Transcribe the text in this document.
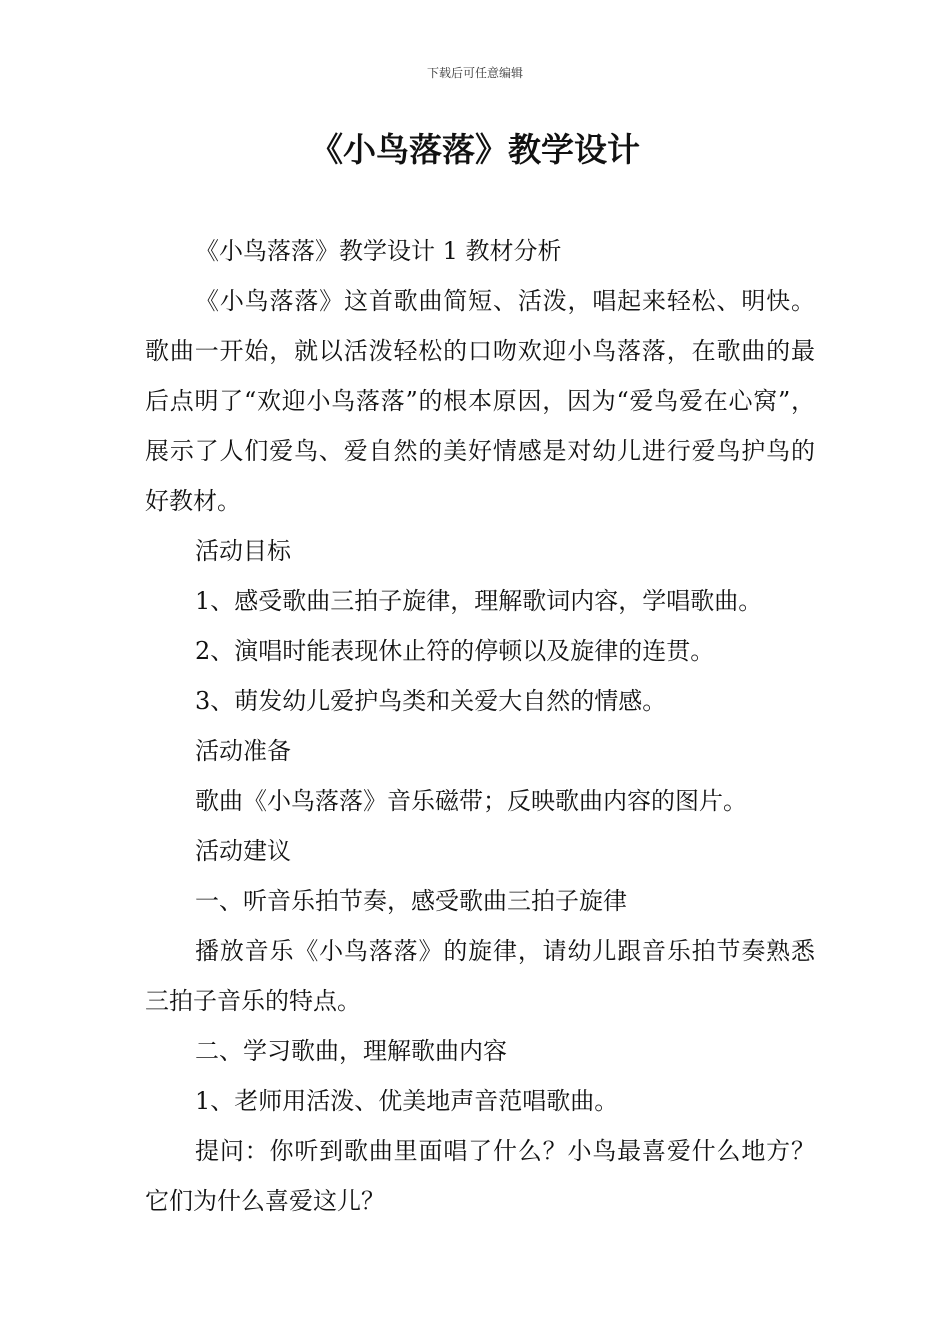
下载后可任意编辑
《小鸟落落》教学设计

《小鸟落落》教学设计 1 教材分析

《小鸟落落》这首歌曲简短、活泼，唱起来轻松、明快。歌曲一开始，就以活泼轻松的口吻欢迎小鸟落落，在歌曲的最后点明了“欢迎小鸟落落”的根本原因，因为“爱鸟爱在心窝”，展示了人们爱鸟、爱自然的美好情感是对幼儿进行爱鸟护鸟的好教材。

活动目标

1、感受歌曲三拍子旋律，理解歌词内容，学唱歌曲。

2、演唱时能表现休止符的停顿以及旋律的连贯。

3、萌发幼儿爱护鸟类和关爱大自然的情感。

活动准备

歌曲《小鸟落落》音乐磁带；反映歌曲内容的图片。

活动建议

一、听音乐拍节奏，感受歌曲三拍子旋律

播放音乐《小鸟落落》的旋律，请幼儿跟音乐拍节奏熟悉三拍子音乐的特点。

二、学习歌曲，理解歌曲内容

1、老师用活泼、优美地声音范唱歌曲。

提问：你听到歌曲里面唱了什么？小鸟最喜爱什么地方？它们为什么喜爱这儿？
